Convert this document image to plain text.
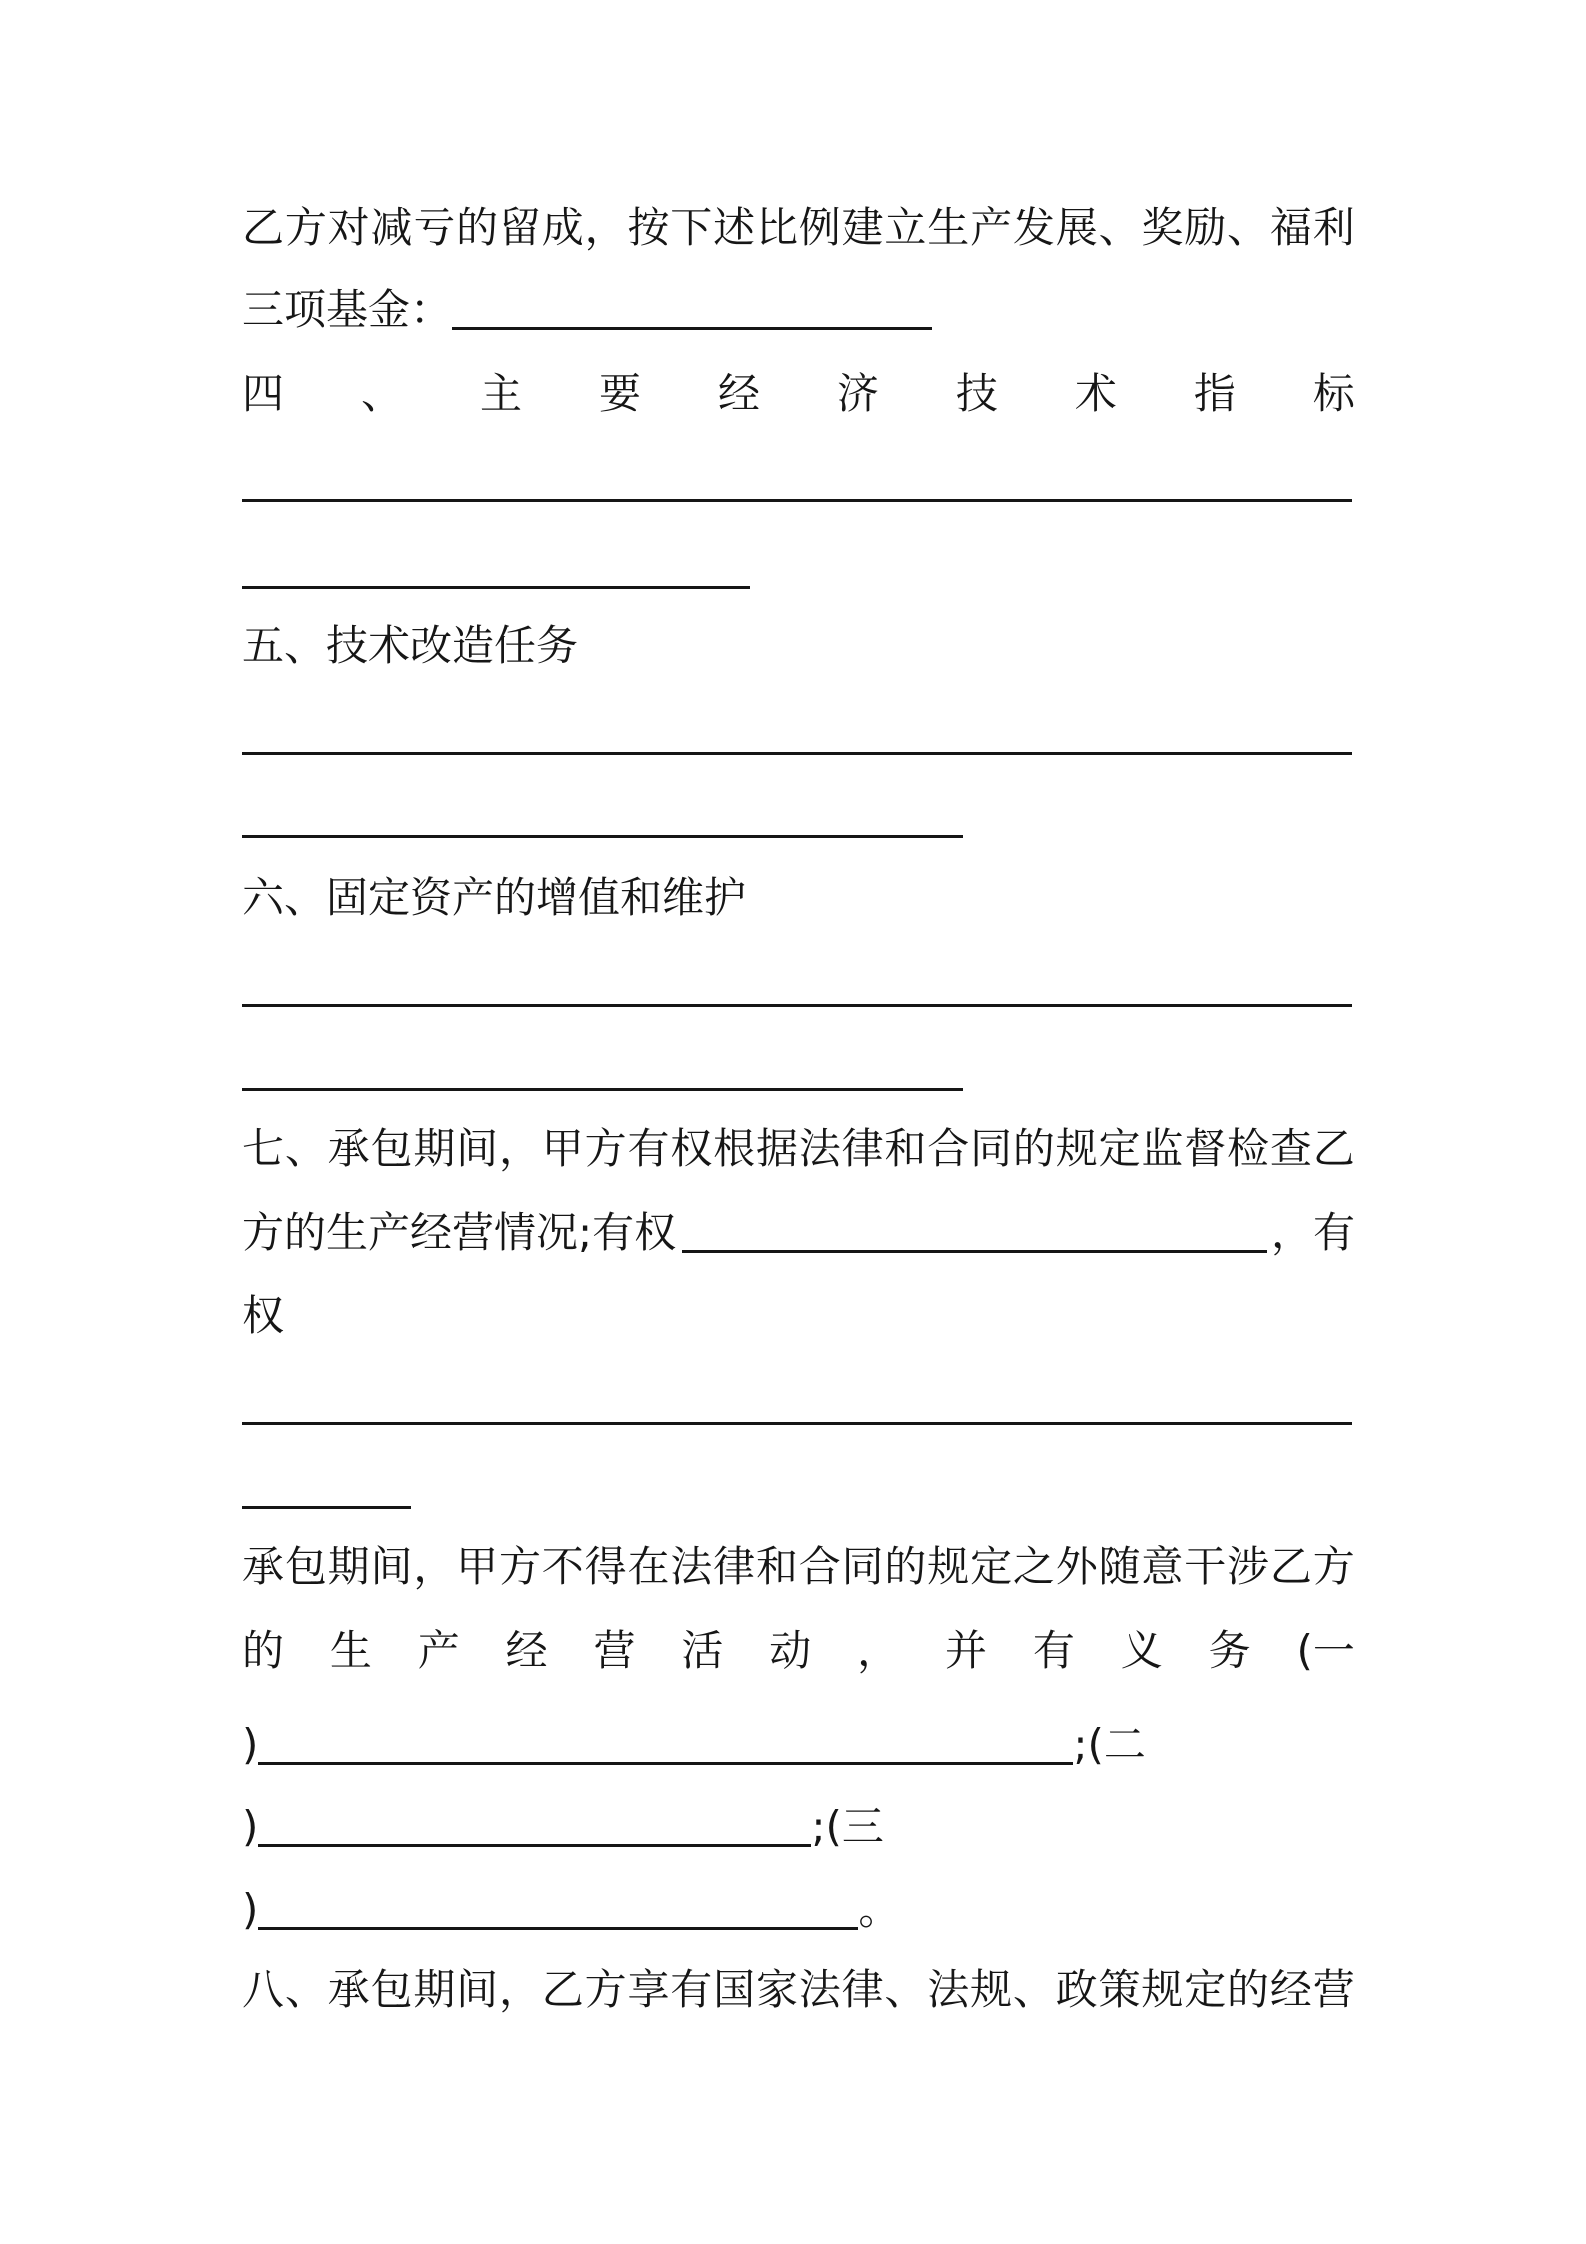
乙 方 对 减 亏 的 留 成 ， 按 下 述 比 例 建 立 生 产 发 展 、 奖 励 、 福 利
三项基金：
四 、 主 要 经 济 技 术 指 标
五、技术改造任务
六、固定资产的增值和维护
七 、 承 包 期 间 ， 甲 方 有 权 根 据 法 律 和 合 同 的 规 定 监 督 检 查 乙
方的生产经营情况;有权	，有
权
承 包 期 间 ， 甲 方 不 得 在 法 律 和 合 同 的 规 定 之 外 随 意 干 涉 乙 方
的 生 产 经 营 活 动 ， 并 有 义 务 (一
)	;(二
)	;(三
)	。
八 、 承 包 期 间 ， 乙 方 享 有 国 家 法 律 、 法 规 、 政 策 规 定 的 经 营
